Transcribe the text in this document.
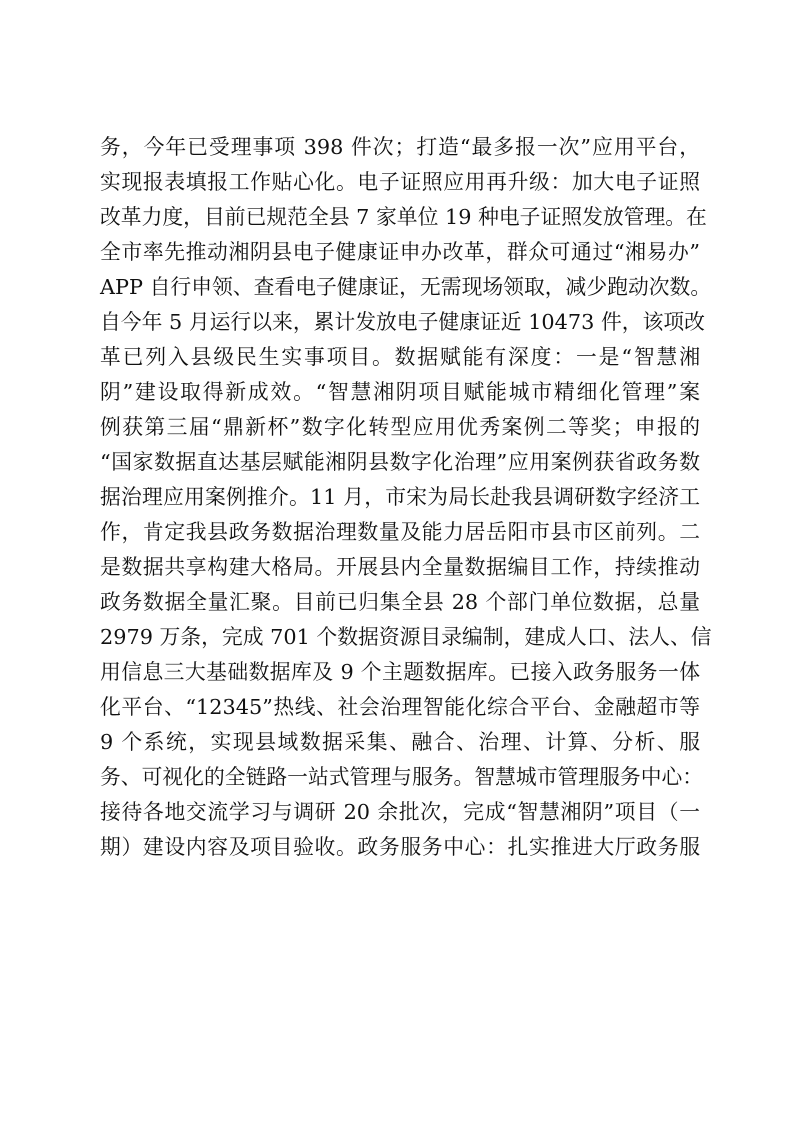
务，今年已受理事项 398 件次；打造“最多报一次”应用平台，
实现报表填报工作贴心化。电子证照应用再升级：加大电子证照
改革力度，目前已规范全县 7 家单位 19 种电子证照发放管理。在
全市率先推动湘阴县电子健康证申办改革，群众可通过“湘易办”
APP 自行申领、查看电子健康证，无需现场领取，减少跑动次数。
自今年 5 月运行以来，累计发放电子健康证近 10473 件，该项改
革已列入县级民生实事项目。数据赋能有深度：一是“智慧湘
阴”建设取得新成效。“智慧湘阴项目赋能城市精细化管理”案
例获第三届“鼎新杯”数字化转型应用优秀案例二等奖；申报的
“国家数据直达基层赋能湘阴县数字化治理”应用案例获省政务数
据治理应用案例推介。11 月，市宋为局长赴我县调研数字经济工
作，肯定我县政务数据治理数量及能力居岳阳市县市区前列。二
是数据共享构建大格局。开展县内全量数据编目工作，持续推动
政务数据全量汇聚。目前已归集全县 28 个部门单位数据，总量
2979 万条，完成 701 个数据资源目录编制，建成人口、法人、信
用信息三大基础数据库及 9 个主题数据库。已接入政务服务一体
化平台、“12345”热线、社会治理智能化综合平台、金融超市等
9 个系统，实现县域数据采集、融合、治理、计算、分析、服
务、可视化的全链路一站式管理与服务。智慧城市管理服务中心：
接待各地交流学习与调研 20 余批次，完成“智慧湘阴”项目（一
期）建设内容及项目验收。政务服务中心：扎实推进大厅政务服
